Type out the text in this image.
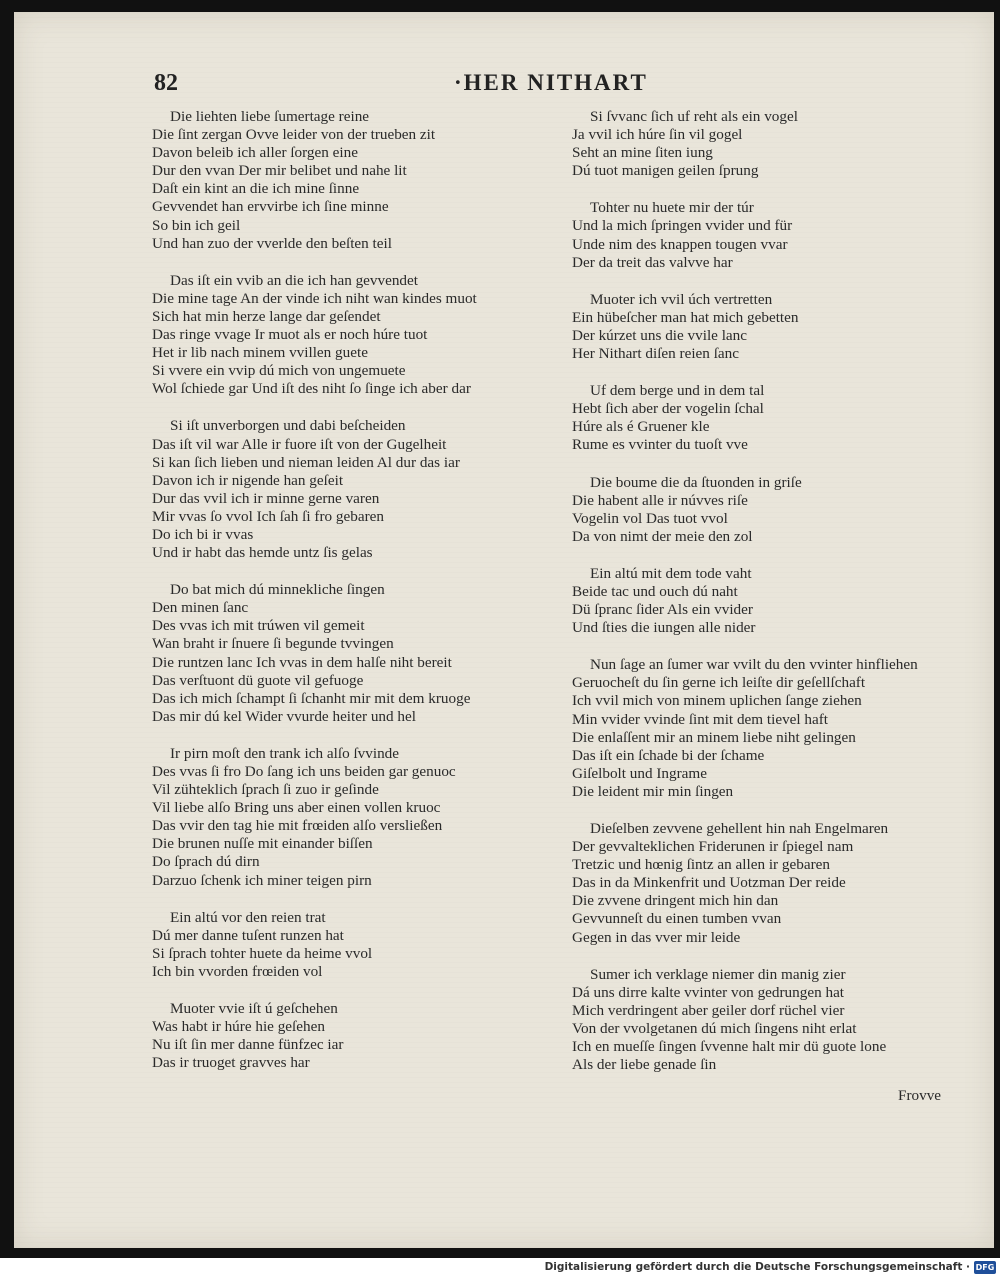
82	·HER NITHART
Die liehten liebe ſumertage reine
Die ſint zergan Ovve leider von der trueben zit
Davon beleib ich aller ſorgen eine
Dur den vvan Der mir belibet und nahe lit
Daſt ein kint an die ich mine ſinne
Gevvendet han ervvirbe ich ſine minne
So bin ich geil
Und han zuo der vverlde den beſten teil
Das iſt ein vvib an die ich han gevvendet
Die mine tage An der vinde ich niht wan kindes muot
Sich hat min herze lange dar geſendet
Das ringe vvage Ir muot als er noch húre tuot
Het ir lib nach minem vvillen guete
Si vvere ein vvip dú mich von ungemuete
Wol ſchiede gar Und iſt des niht ſo ſinge ich aber dar
Si iſt unverborgen und dabi beſcheiden
Das iſt vil war Alle ir fuore iſt von der Gugelheit
Si kan ſich lieben und nieman leiden Al dur das iar
Davon ich ir nigende han geſeit
Dur das vvil ich ir minne gerne varen
Mir vvas ſo vvol Ich ſah ſi fro gebaren
Do ich bi ir vvas
Und ir habt das hemde untz ſis gelas
Do bat mich dú minnekliche ſingen
Den minen ſanc
Des vvas ich mit trúwen vil gemeit
Wan braht ir ſnuere ſi begunde tvvingen
Die runtzen lanc Ich vvas in dem halſe niht bereit
Das verſtuont dü guote vil gefuoge
Das ich mich ſchampt ſi ſchanht mir mit dem kruoge
Das mir dú kel Wider vvurde heiter und hel
Ir pirn moſt den trank ich alſo ſvvinde
Des vvas ſi fro Do ſang ich uns beiden gar genuoc
Vil zühteklich ſprach ſi zuo ir geſinde
Vil liebe alſo Bring uns aber einen vollen kruoc
Das vvir den tag hie mit frœiden alſo versließen
Die brunen nuſſe mit einander biſſen
Do ſprach dú dirn
Darzuo ſchenk ich miner teigen pirn
Ein altú vor den reien trat
Dú mer danne tuſent runzen hat
Si ſprach tohter huete da heime vvol
Ich bin vvorden frœiden vol
Muoter vvie iſt ú geſchehen
Was habt ir húre hie geſehen
Nu iſt ſin mer danne fünfzec iar
Das ir truoget gravves har
Si ſvvanc ſich uf reht als ein vogel
Ja vvil ich húre ſin vil gogel
Seht an mine ſiten iung
Dú tuot manigen geilen ſprung
Tohter nu huete mir der túr
Und la mich ſpringen vvider und für
Unde nim des knappen tougen vvar
Der da treit das valvve har
Muoter ich vvil úch vertretten
Ein hübeſcher man hat mich gebetten
Der kúrzet uns die vvile lanc
Her Nithart diſen reien ſanc
Uf dem berge und in dem tal
Hebt ſich aber der vogelin ſchal
Húre als é Gruener kle
Rume es vvinter du tuoſt vve
Die boume die da ſtuonden in griſe
Die habent alle ir núvves riſe
Vogelin vol Das tuot vvol
Da von nimt der meie den zol
Ein altú mit dem tode vaht
Beide tac und ouch dú naht
Dü ſpranc ſider Als ein vvider
Und ſties die iungen alle nider
Nun ſage an ſumer war vvilt du den vvinter hinfliehen
Geruocheſt du ſin gerne ich leiſte dir geſellſchaft
Ich vvil mich von minem uplichen ſange ziehen
Min vvider vvinde ſint mit dem tievel haft
Die enlaſſent mir an minem liebe niht gelingen
Das iſt ein ſchade bi der ſchame
Giſelbolt und Ingrame
Die leident mir min ſingen
Dieſelben zevvene gehellent hin nah Engelmaren
Der gevvaltеklichen Friderunen ir ſpiegel nam
Tretzic und hœnig ſintz an allen ir gebaren
Das in da Minkenfrit und Uotzman Der reide
Die zvvene dringent mich hin dan
Gevvunneſt du einen tumben vvan
Gegen in das vver mir leide
Sumer ich verklage niemer din manig zier
Dá uns dirre kalte vvinter von gedrungen hat
Mich verdringent aber geiler dorf rüchel vier
Von der vvolgetanen dú mich ſingens niht erlat
Ich en mueſſe ſingen ſvvenne halt mir dü guote lone
Als der liebe genade ſin
Frovve
Digitalisierung gefördert durch die Deutsche Forschungsgemeinschaft · DFG
